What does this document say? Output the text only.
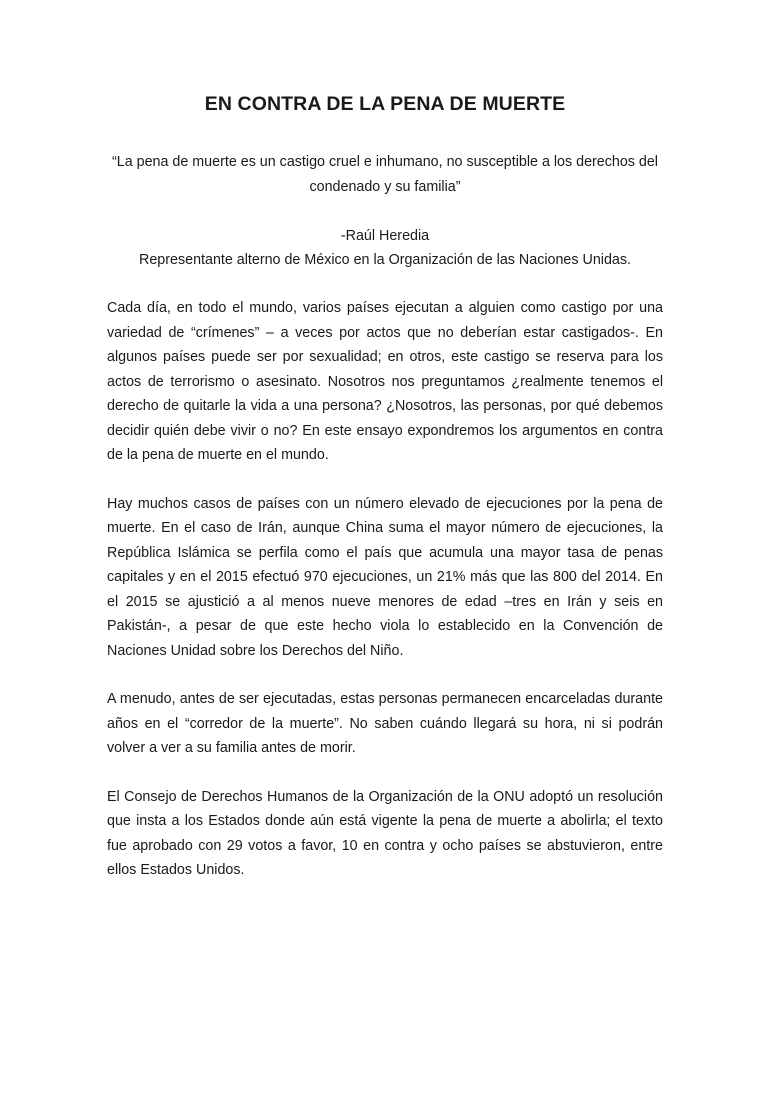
EN CONTRA DE LA PENA DE MUERTE

“La pena de muerte es un castigo cruel e inhumano, no susceptible a los derechos del condenado y su familia”

-Raúl Heredia

Representante alterno de México en la Organización de las Naciones Unidas.

Cada día, en todo el mundo, varios países ejecutan a alguien como castigo por una variedad de “crímenes” – a veces por actos que no deberían estar castigados-. En algunos países puede ser por sexualidad; en otros, este castigo se reserva para los actos de terrorismo o asesinato. Nosotros nos preguntamos ¿realmente tenemos el derecho de quitarle la vida a una persona? ¿Nosotros, las personas, por qué debemos decidir quién debe vivir o no? En este ensayo expondremos los argumentos en contra de la pena de muerte en el mundo.

Hay muchos casos de países con un número elevado de ejecuciones por la pena de muerte. En el caso de Irán, aunque China suma el mayor número de ejecuciones, la República Islámica se perfila como el país que acumula una mayor tasa de penas capitales y en el 2015 efectuó 970 ejecuciones, un 21% más que las 800 del 2014. En el 2015 se ajustició a al menos nueve menores de edad –tres en Irán y seis en Pakistán-, a pesar de que este hecho viola lo establecido en la Convención de Naciones Unidad sobre los Derechos del Niño.

A menudo, antes de ser ejecutadas, estas personas permanecen encarceladas durante años en el “corredor de la muerte”. No saben cuándo llegará su hora, ni si podrán volver a ver a su familia antes de morir.

El Consejo de Derechos Humanos de la Organización de la ONU adoptó un resolución que insta a los Estados donde aún está vigente la pena de muerte a abolirla; el texto fue aprobado con 29 votos a favor, 10 en contra y ocho países se abstuvieron, entre ellos Estados Unidos.
